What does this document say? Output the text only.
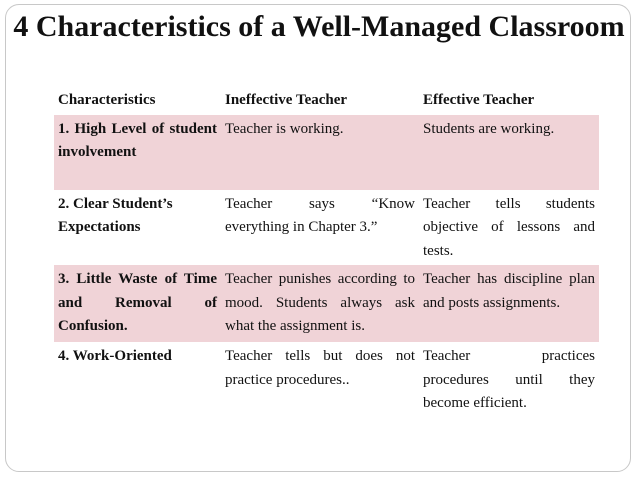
4 Characteristics of a Well-Managed Classroom
Characteristics	Ineffective Teacher	Effective Teacher
1. High Level of student involvement	Teacher is working.	Students are working.
2. Clear Student’s Expectations	Teacher says “Know everything in Chapter 3.”	Teacher tells students objective of lessons and tests.
3. Little Waste of Time and Removal of Confusion.	Teacher punishes according to mood. Students always ask what the assignment is.	Teacher has discipline plan and posts assignments.
4. Work-Oriented	Teacher tells but does not practice procedures..	Teacher practices procedures until they become efficient.
